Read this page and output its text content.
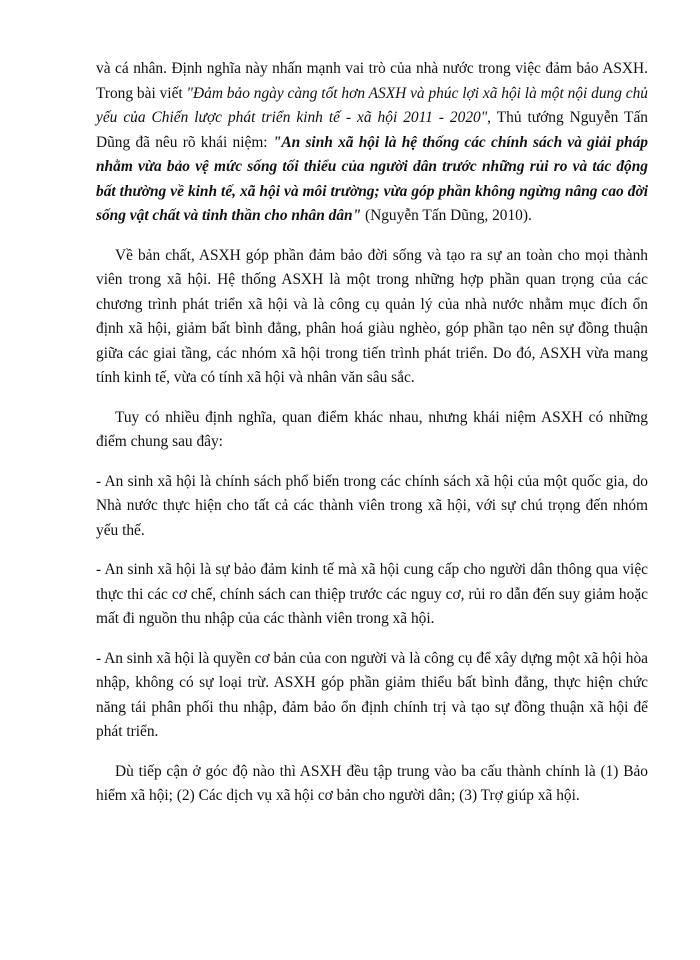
và cá nhân. Định nghĩa này nhấn mạnh vai trò của nhà nước trong việc đảm bảo ASXH. Trong bài viết "Đảm bảo ngày càng tốt hơn ASXH và phúc lợi xã hội là một nội dung chủ yếu của Chiến lược phát triển kinh tế - xã hội 2011 - 2020", Thủ tướng Nguyễn Tấn Dũng đã nêu rõ khái niệm: "An sinh xã hội là hệ thống các chính sách và giải pháp nhằm vừa bảo vệ mức sống tối thiểu của người dân trước những rủi ro và tác động bất thường về kinh tế, xã hội và môi trường; vừa góp phần không ngừng nâng cao đời sống vật chất và tinh thần cho nhân dân" (Nguyễn Tấn Dũng, 2010).

Về bản chất, ASXH góp phần đảm bảo đời sống và tạo ra sự an toàn cho mọi thành viên trong xã hội. Hệ thống ASXH là một trong những hợp phần quan trọng của các chương trình phát triển xã hội và là công cụ quản lý của nhà nước nhằm mục đích ổn định xã hội, giảm bất bình đẳng, phân hoá giàu nghèo, góp phần tạo nên sự đồng thuận giữa các giai tầng, các nhóm xã hội trong tiến trình phát triển. Do đó, ASXH vừa mang tính kinh tế, vừa có tính xã hội và nhân văn sâu sắc.

Tuy có nhiều định nghĩa, quan điểm khác nhau, nhưng khái niệm ASXH có những điểm chung sau đây:

- An sinh xã hội là chính sách phổ biến trong các chính sách xã hội của một quốc gia, do Nhà nước thực hiện cho tất cả các thành viên trong xã hội, với sự chú trọng đến nhóm yếu thế.

- An sinh xã hội là sự bảo đảm kinh tế mà xã hội cung cấp cho người dân thông qua việc thực thi các cơ chế, chính sách can thiệp trước các nguy cơ, rủi ro dẫn đến suy giảm hoặc mất đi nguồn thu nhập của các thành viên trong xã hội.

- An sinh xã hội là quyền cơ bản của con người và là công cụ để xây dựng một xã hội hòa nhập, không có sự loại trừ. ASXH góp phần giảm thiểu bất bình đẳng, thực hiện chức năng tái phân phối thu nhập, đảm bảo ổn định chính trị và tạo sự đồng thuận xã hội để phát triển.

Dù tiếp cận ở góc độ nào thì ASXH đều tập trung vào ba cấu thành chính là (1) Bảo hiểm xã hội; (2) Các dịch vụ xã hội cơ bản cho người dân; (3) Trợ giúp xã hội.
